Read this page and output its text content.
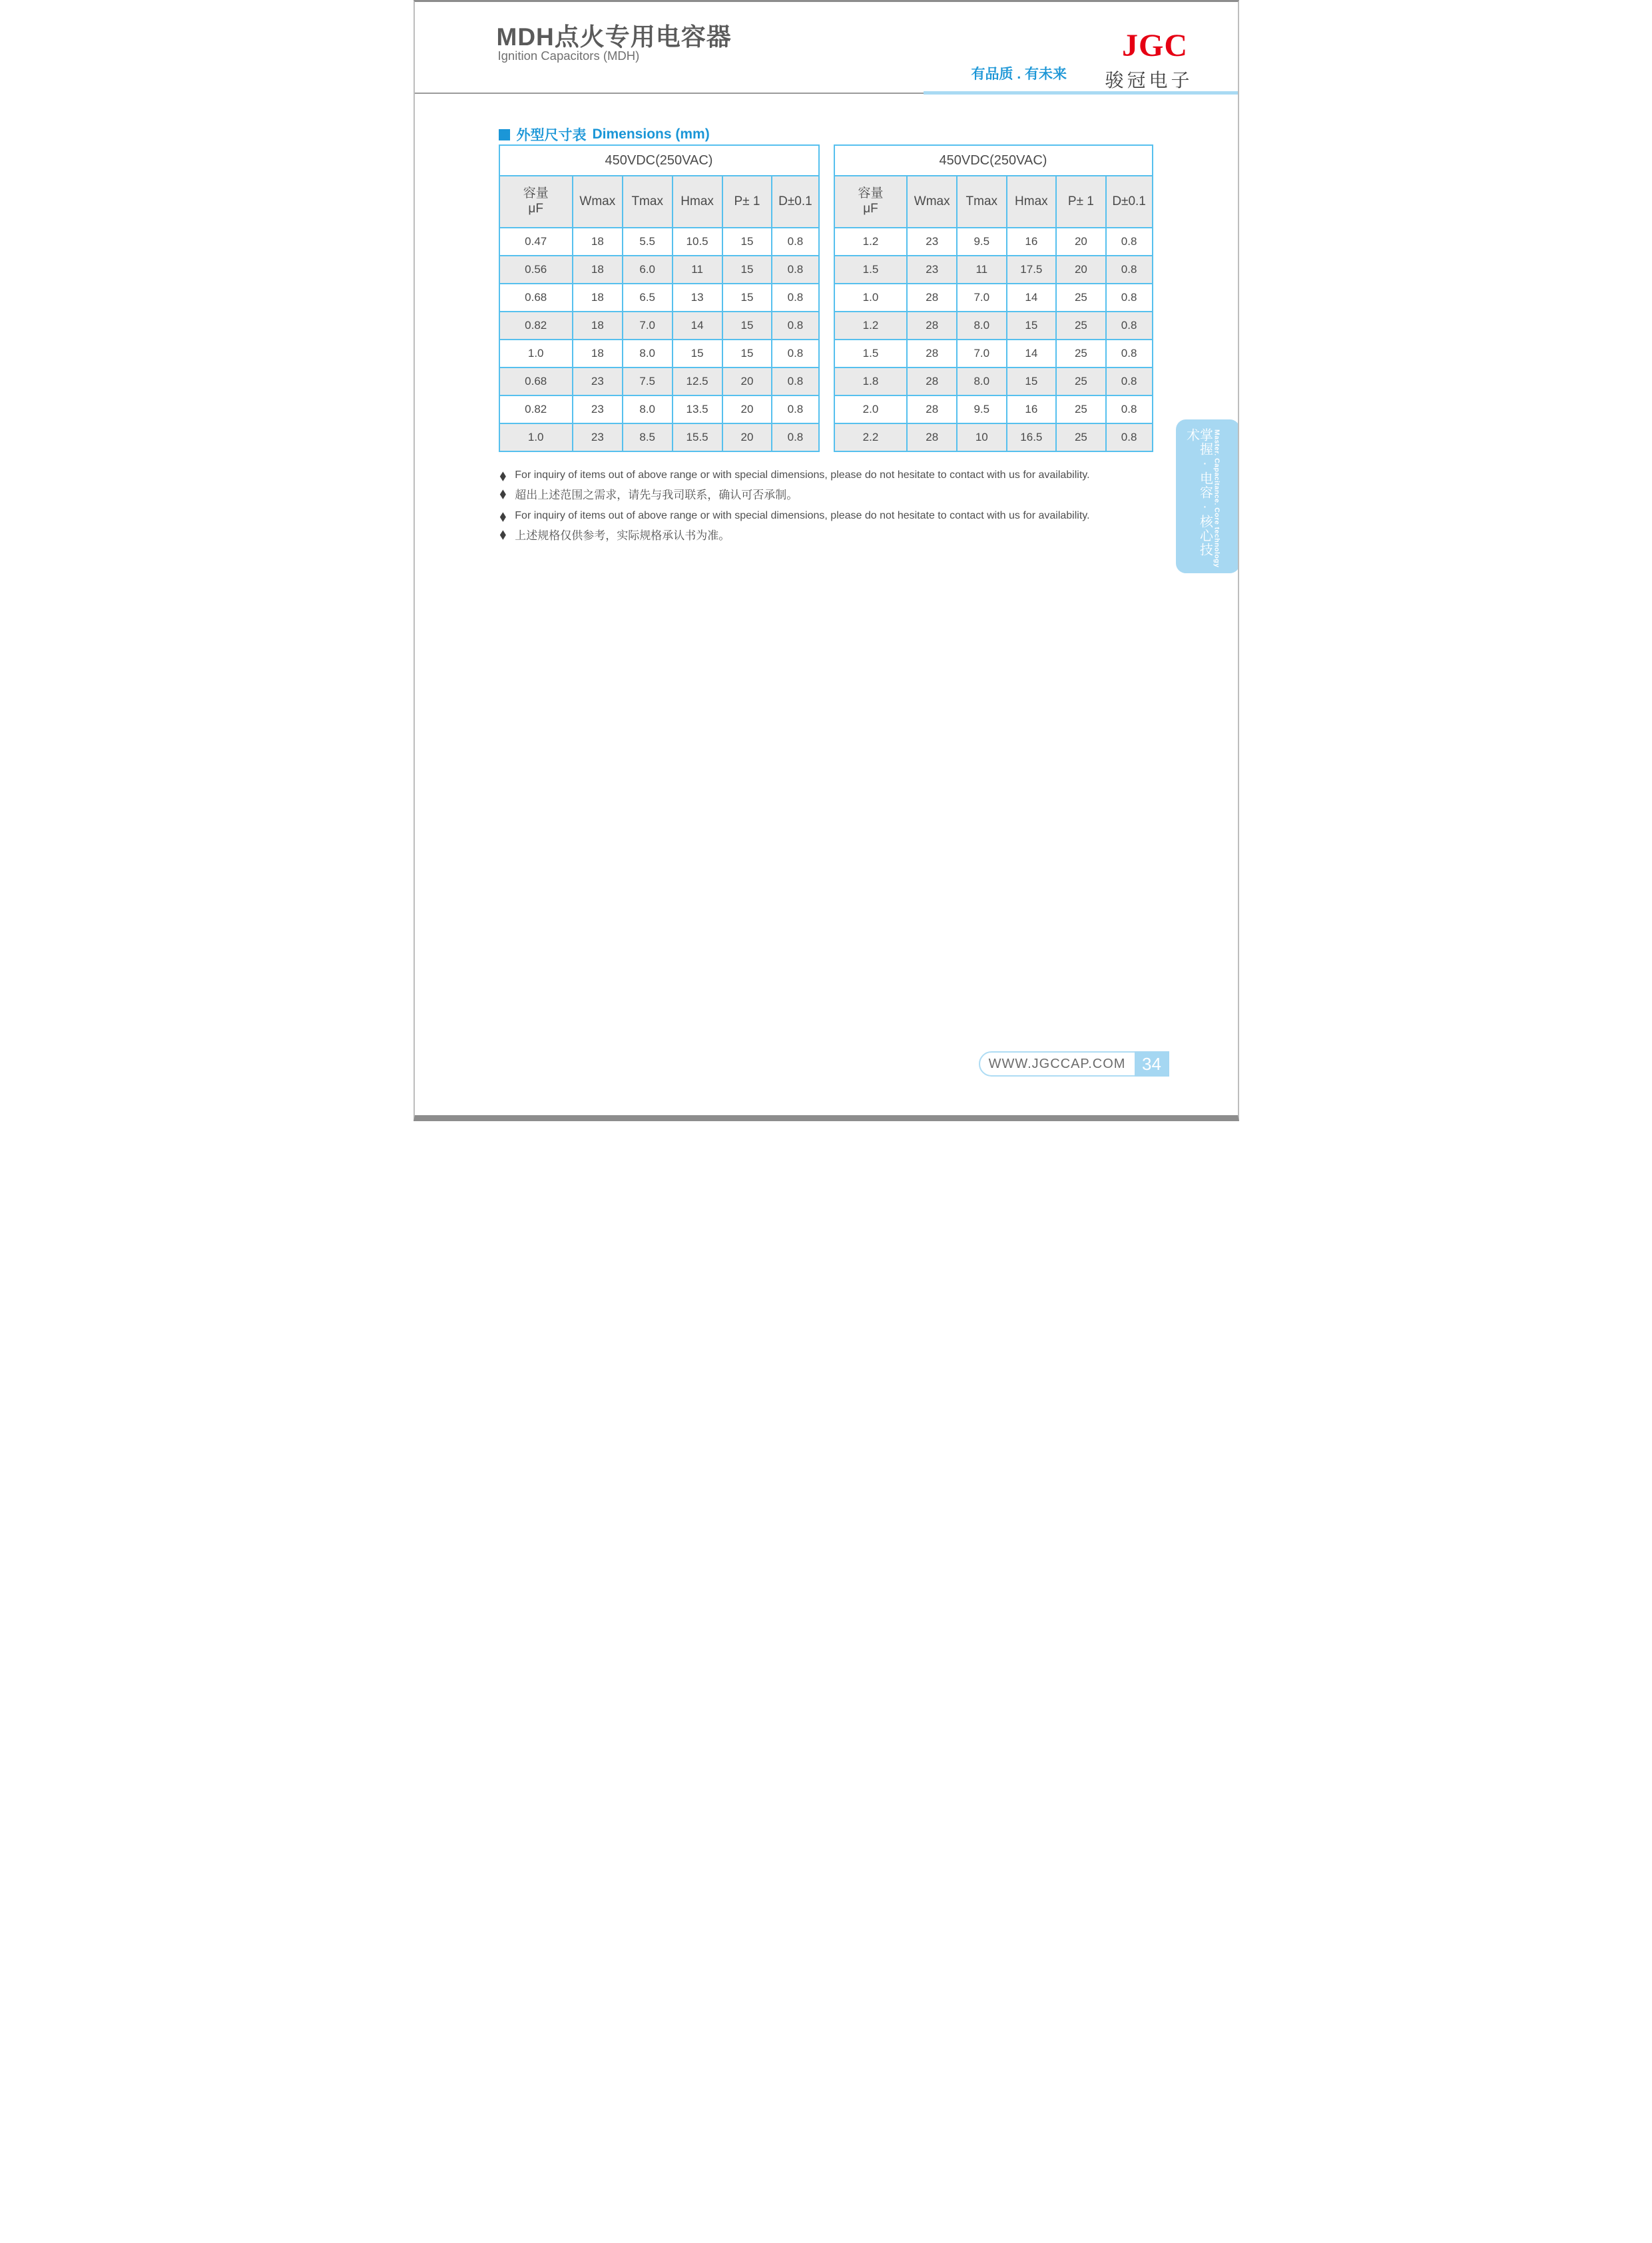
MDH点火专用电容器
Ignition Capacitors (MDH)
有品质 . 有未来
JGC
骏冠电子
外型尺寸表 Dimensions (mm)
450VDC(250VAC)					

容量
μF	Wmax	Tmax	Hmax	P± 1	D±0.1

0.47	18	5.5	10.5	15	0.8
0.56	18	6.0	11	15	0.8
0.68	18	6.5	13	15	0.8
0.82	18	7.0	14	15	0.8
1.0	18	8.0	15	15	0.8
0.68	23	7.5	12.5	20	0.8
0.82	23	8.0	13.5	20	0.8
1.0	23	8.5	15.5	20	0.8
450VDC(250VAC)					

容量
μF	Wmax	Tmax	Hmax	P± 1	D±0.1

1.2	23	9.5	16	20	0.8
1.5	23	11	17.5	20	0.8
1.0	28	7.0	14	25	0.8
1.2	28	8.0	15	25	0.8
1.5	28	7.0	14	25	0.8
1.8	28	8.0	15	25	0.8
2.0	28	9.5	16	25	0.8
2.2	28	10	16.5	25	0.8
◆ For inquiry of items out of above range or with special dimensions, please do not hesitate to contact with us for availability.
◆ 超出上述范围之需求，请先与我司联系，确认可否承制。
◆ For inquiry of items out of above range or with special dimensions, please do not hesitate to contact with us for availability.
◆ 上述规格仅供参考，实际规格承认书为准。	掌握·电容·核心技术	Master. Capacitance. Core technology
WWW.JGCCAP.COM 34
